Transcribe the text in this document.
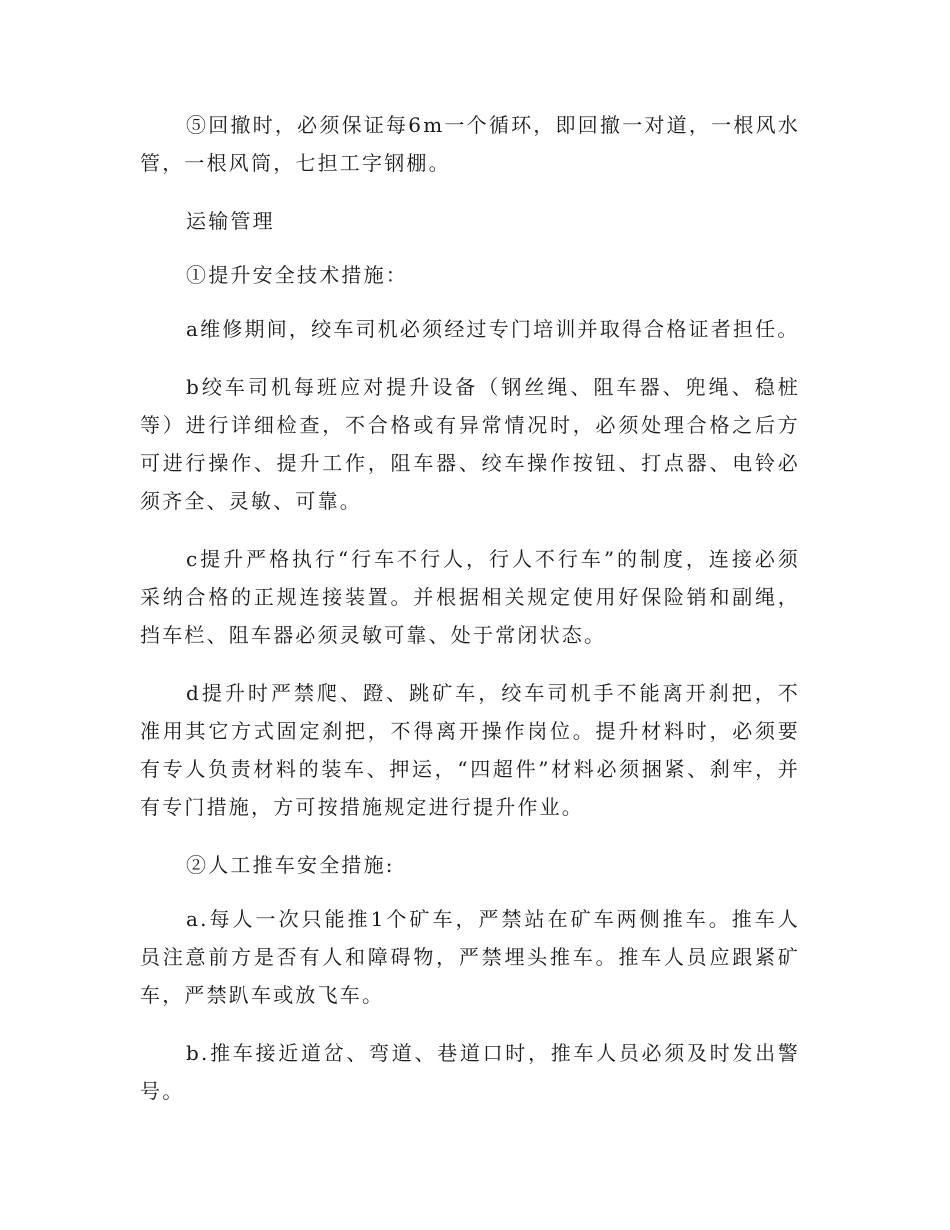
⑤回撤时，必须保证每6m一个循环，即回撤一对道，一根风水管，一根风筒，七担工字钢棚。

运输管理

①提升安全技术措施：

a维修期间，绞车司机必须经过专门培训并取得合格证者担任。

b绞车司机每班应对提升设备（钢丝绳、阻车器、兜绳、稳桩等）进行详细检查，不合格或有异常情况时，必须处理合格之后方可进行操作、提升工作，阻车器、绞车操作按钮、打点器、电铃必须齐全、灵敏、可靠。

c提升严格执行“行车不行人，行人不行车”的制度，连接必须采纳合格的正规连接装置。并根据相关规定使用好保险销和副绳，挡车栏、阻车器必须灵敏可靠、处于常闭状态。

d提升时严禁爬、蹬、跳矿车，绞车司机手不能离开刹把，不准用其它方式固定刹把，不得离开操作岗位。提升材料时，必须要有专人负责材料的装车、押运，“四超件”材料必须捆紧、刹牢，并有专门措施，方可按措施规定进行提升作业。

②人工推车安全措施:

a.每人一次只能推1个矿车，严禁站在矿车两侧推车。推车人员注意前方是否有人和障碍物，严禁埋头推车。推车人员应跟紧矿车，严禁趴车或放飞车。

b.推车接近道岔、弯道、巷道口时，推车人员必须及时发出警号。
